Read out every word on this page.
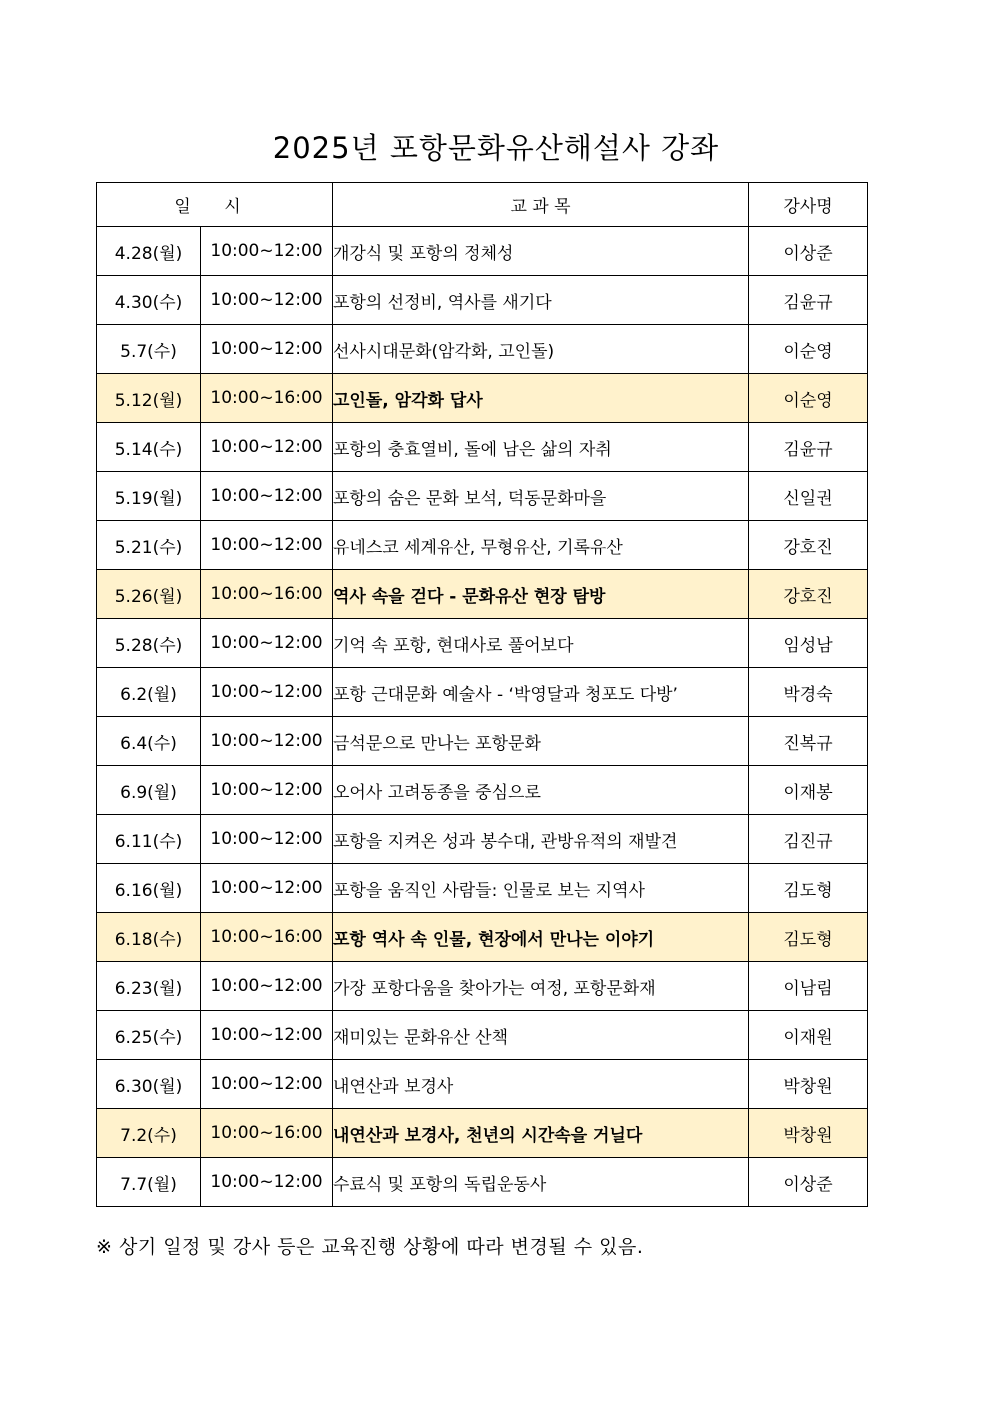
2025년 포항문화유산해설사 강좌
일 시		교 과 목	강사명
4.28(월)	10:00~12:00	개강식 및 포항의 정체성	이상준
4.30(수)	10:00~12:00	포항의 선정비, 역사를 새기다	김윤규
5.7(수)	10:00~12:00	선사시대문화(암각화, 고인돌)	이순영
5.12(월)	10:00~16:00	고인돌, 암각화 답사	이순영
5.14(수)	10:00~12:00	포항의 충효열비, 돌에 남은 삶의 자취	김윤규
5.19(월)	10:00~12:00	포항의 숨은 문화 보석, 덕동문화마을	신일권
5.21(수)	10:00~12:00	유네스코 세계유산, 무형유산, 기록유산	강호진
5.26(월)	10:00~16:00	역사 속을 걷다 - 문화유산 현장 탐방	강호진
5.28(수)	10:00~12:00	기억 속 포항, 현대사로 풀어보다	임성남
6.2(월)	10:00~12:00	포항 근대문화 예술사 - ‘박영달과 청포도 다방’	박경숙
6.4(수)	10:00~12:00	금석문으로 만나는 포항문화	진복규
6.9(월)	10:00~12:00	오어사 고려동종을 중심으로	이재봉
6.11(수)	10:00~12:00	포항을 지켜온 성과 봉수대, 관방유적의 재발견	김진규
6.16(월)	10:00~12:00	포항을 움직인 사람들: 인물로 보는 지역사	김도형
6.18(수)	10:00~16:00	포항 역사 속 인물, 현장에서 만나는 이야기	김도형
6.23(월)	10:00~12:00	가장 포항다움을 찾아가는 여정, 포항문화재	이남림
6.25(수)	10:00~12:00	재미있는 문화유산 산책	이재원
6.30(월)	10:00~12:00	내연산과 보경사	박창원
7.2(수)	10:00~16:00	내연산과 보경사, 천년의 시간속을 거닐다	박창원
7.7(월)	10:00~12:00	수료식 및 포항의 독립운동사	이상준
※ 상기 일정 및 강사 등은 교육진행 상황에 따라 변경될 수 있음.
